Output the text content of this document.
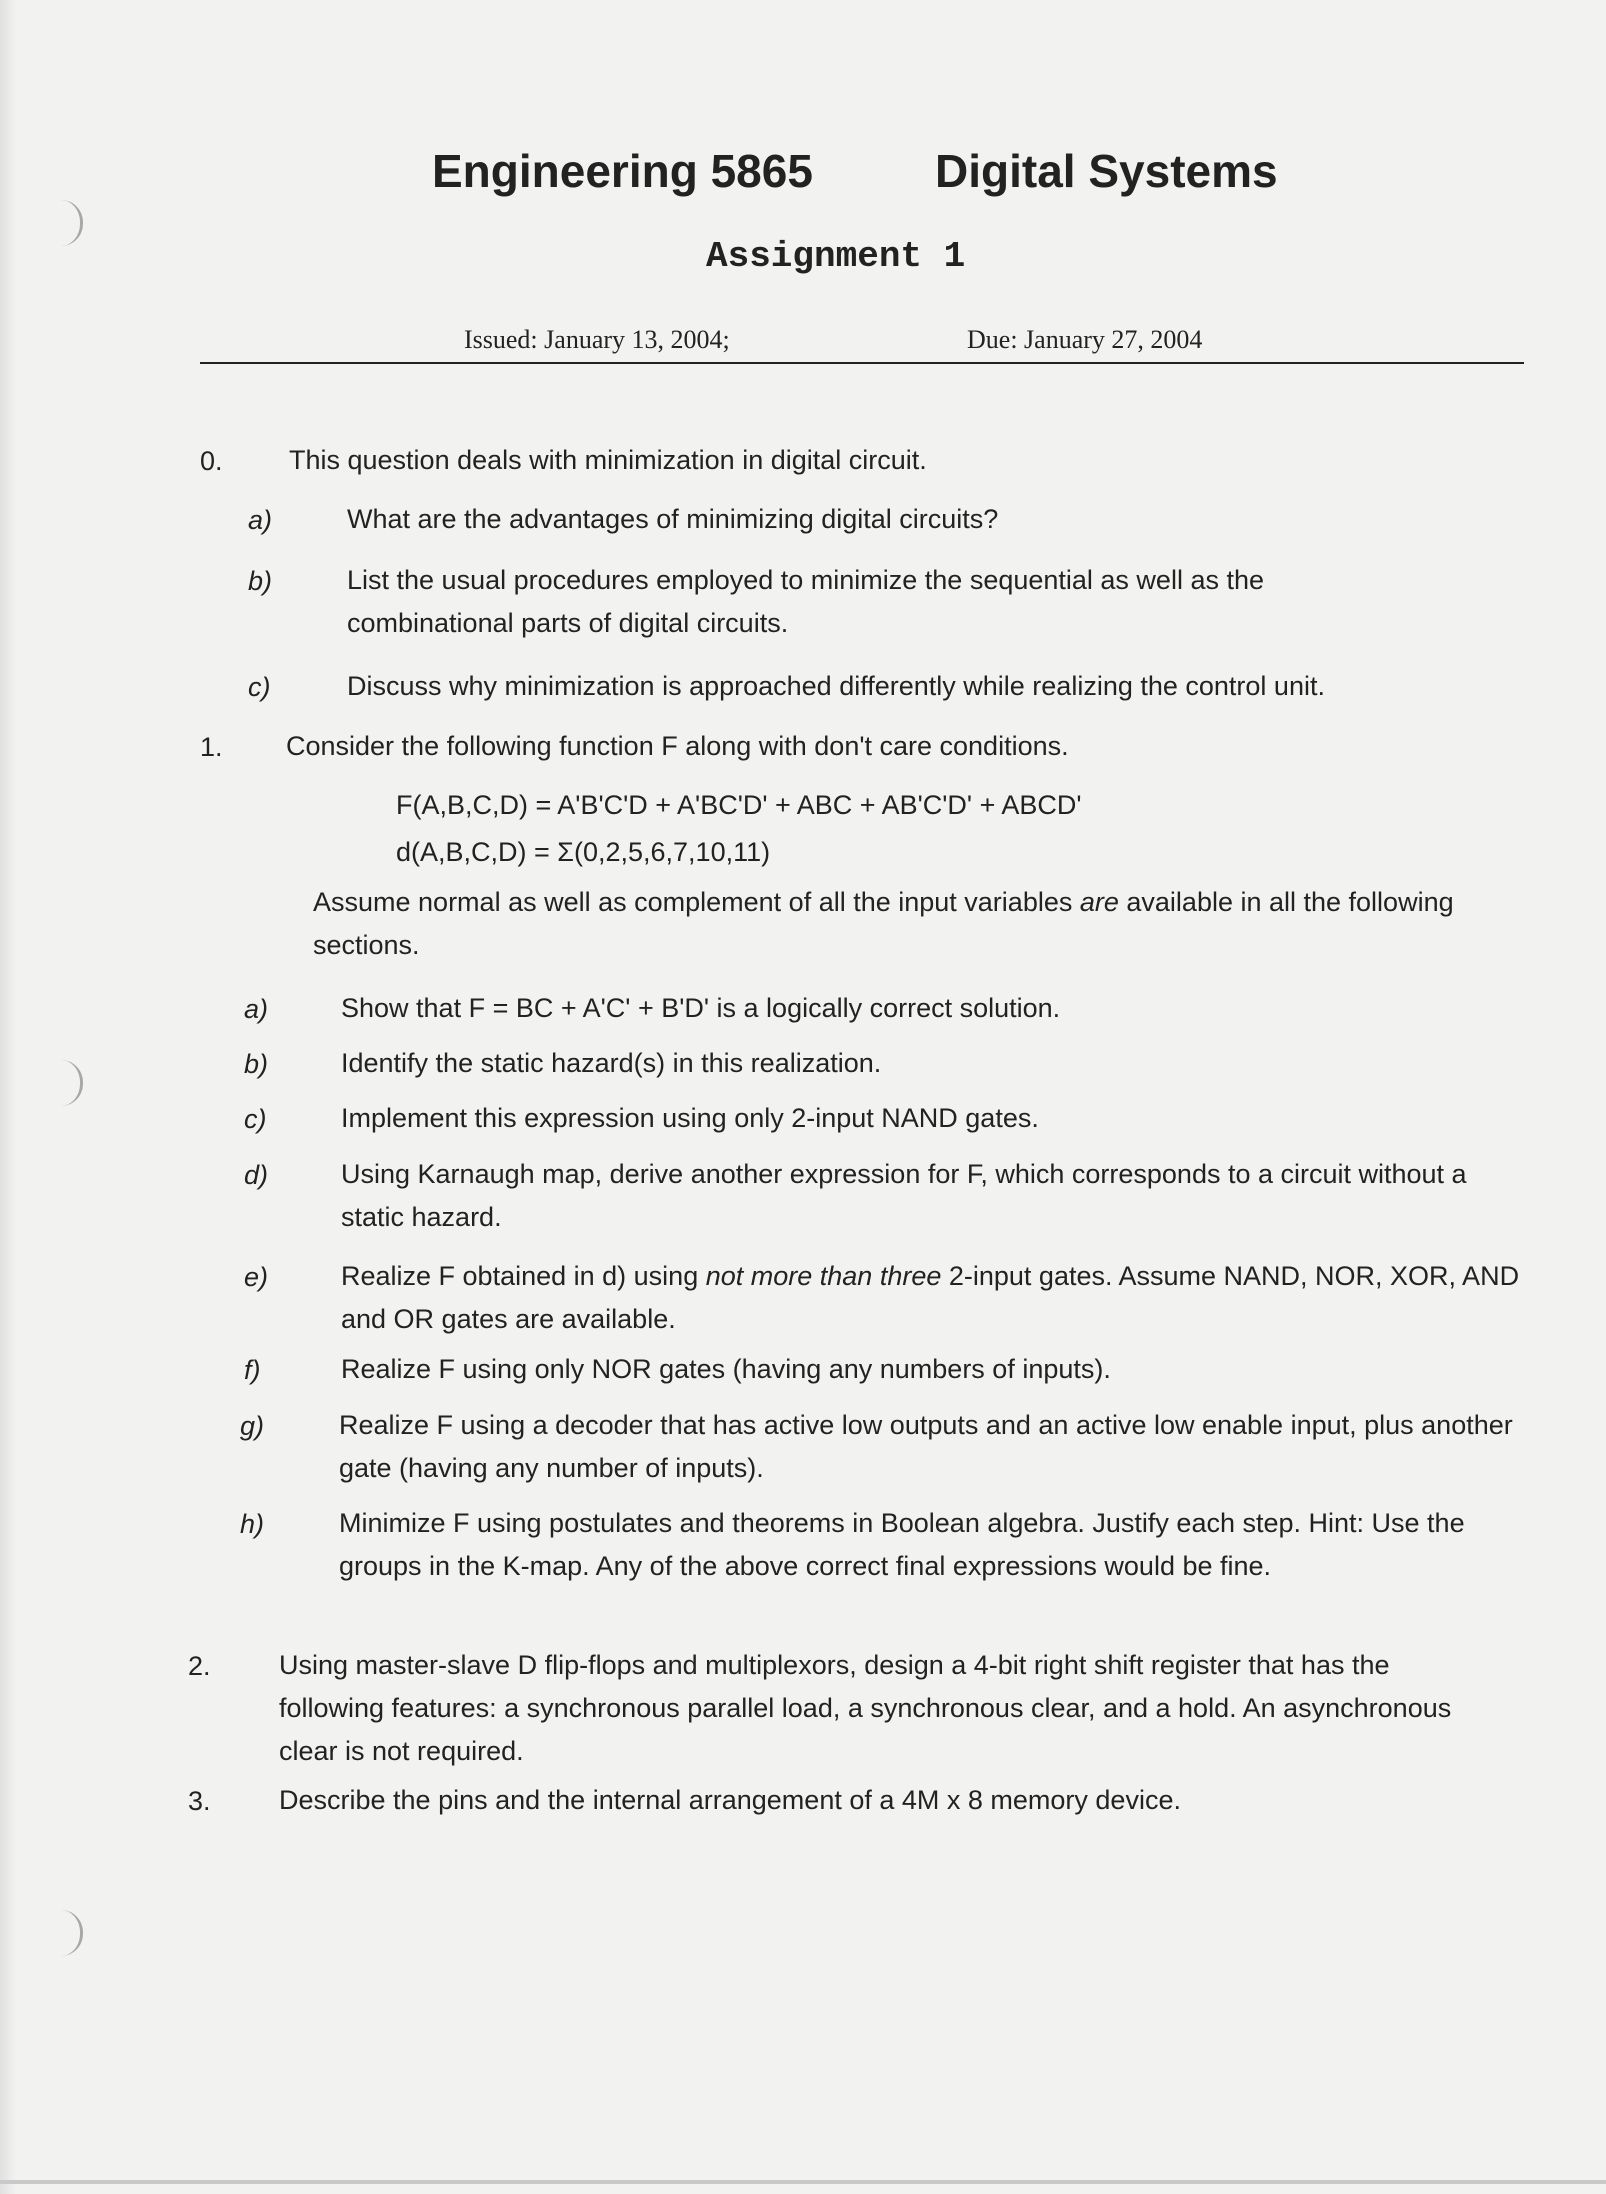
Engineering 5865	Digital Systems
Assignment 1
Issued: January 13, 2004;	Due: January 27, 2004
0. This question deals with minimization in digital circuit.
a)	What are the advantages of minimizing digital circuits?
b)	List the usual procedures employed to minimize the sequential as well as the combinational parts of digital circuits.
c)	Discuss why minimization is approached differently while realizing the control unit.
1. Consider the following function F along with don't care conditions.
F(A,B,C,D) = A'B'C'D + A'BC'D' + ABC + AB'C'D' + ABCD'
d(A,B,C,D) = Σ(0,2,5,6,7,10,11)
Assume normal as well as complement of all the input variables are available in all the following sections.
a)	Show that F = BC + A'C' + B'D' is a logically correct solution.
b)	Identify the static hazard(s) in this realization.
c)	Implement this expression using only 2-input NAND gates.
d)	Using Karnaugh map, derive another expression for F, which corresponds to a circuit without a static hazard.
e)	Realize F obtained in d) using not more than three 2-input gates. Assume NAND, NOR, XOR, AND and OR gates are available.
f)	Realize F using only NOR gates (having any numbers of inputs).
g)	Realize F using a decoder that has active low outputs and an active low enable input, plus another gate (having any number of inputs).
h)	Minimize F using postulates and theorems in Boolean algebra. Justify each step. Hint: Use the groups in the K-map. Any of the above correct final expressions would be fine.
2.	Using master-slave D flip-flops and multiplexors, design a 4-bit right shift register that has the following features: a synchronous parallel load, a synchronous clear, and a hold. An asynchronous clear is not required.
3.	Describe the pins and the internal arrangement of a 4M x 8 memory device.
